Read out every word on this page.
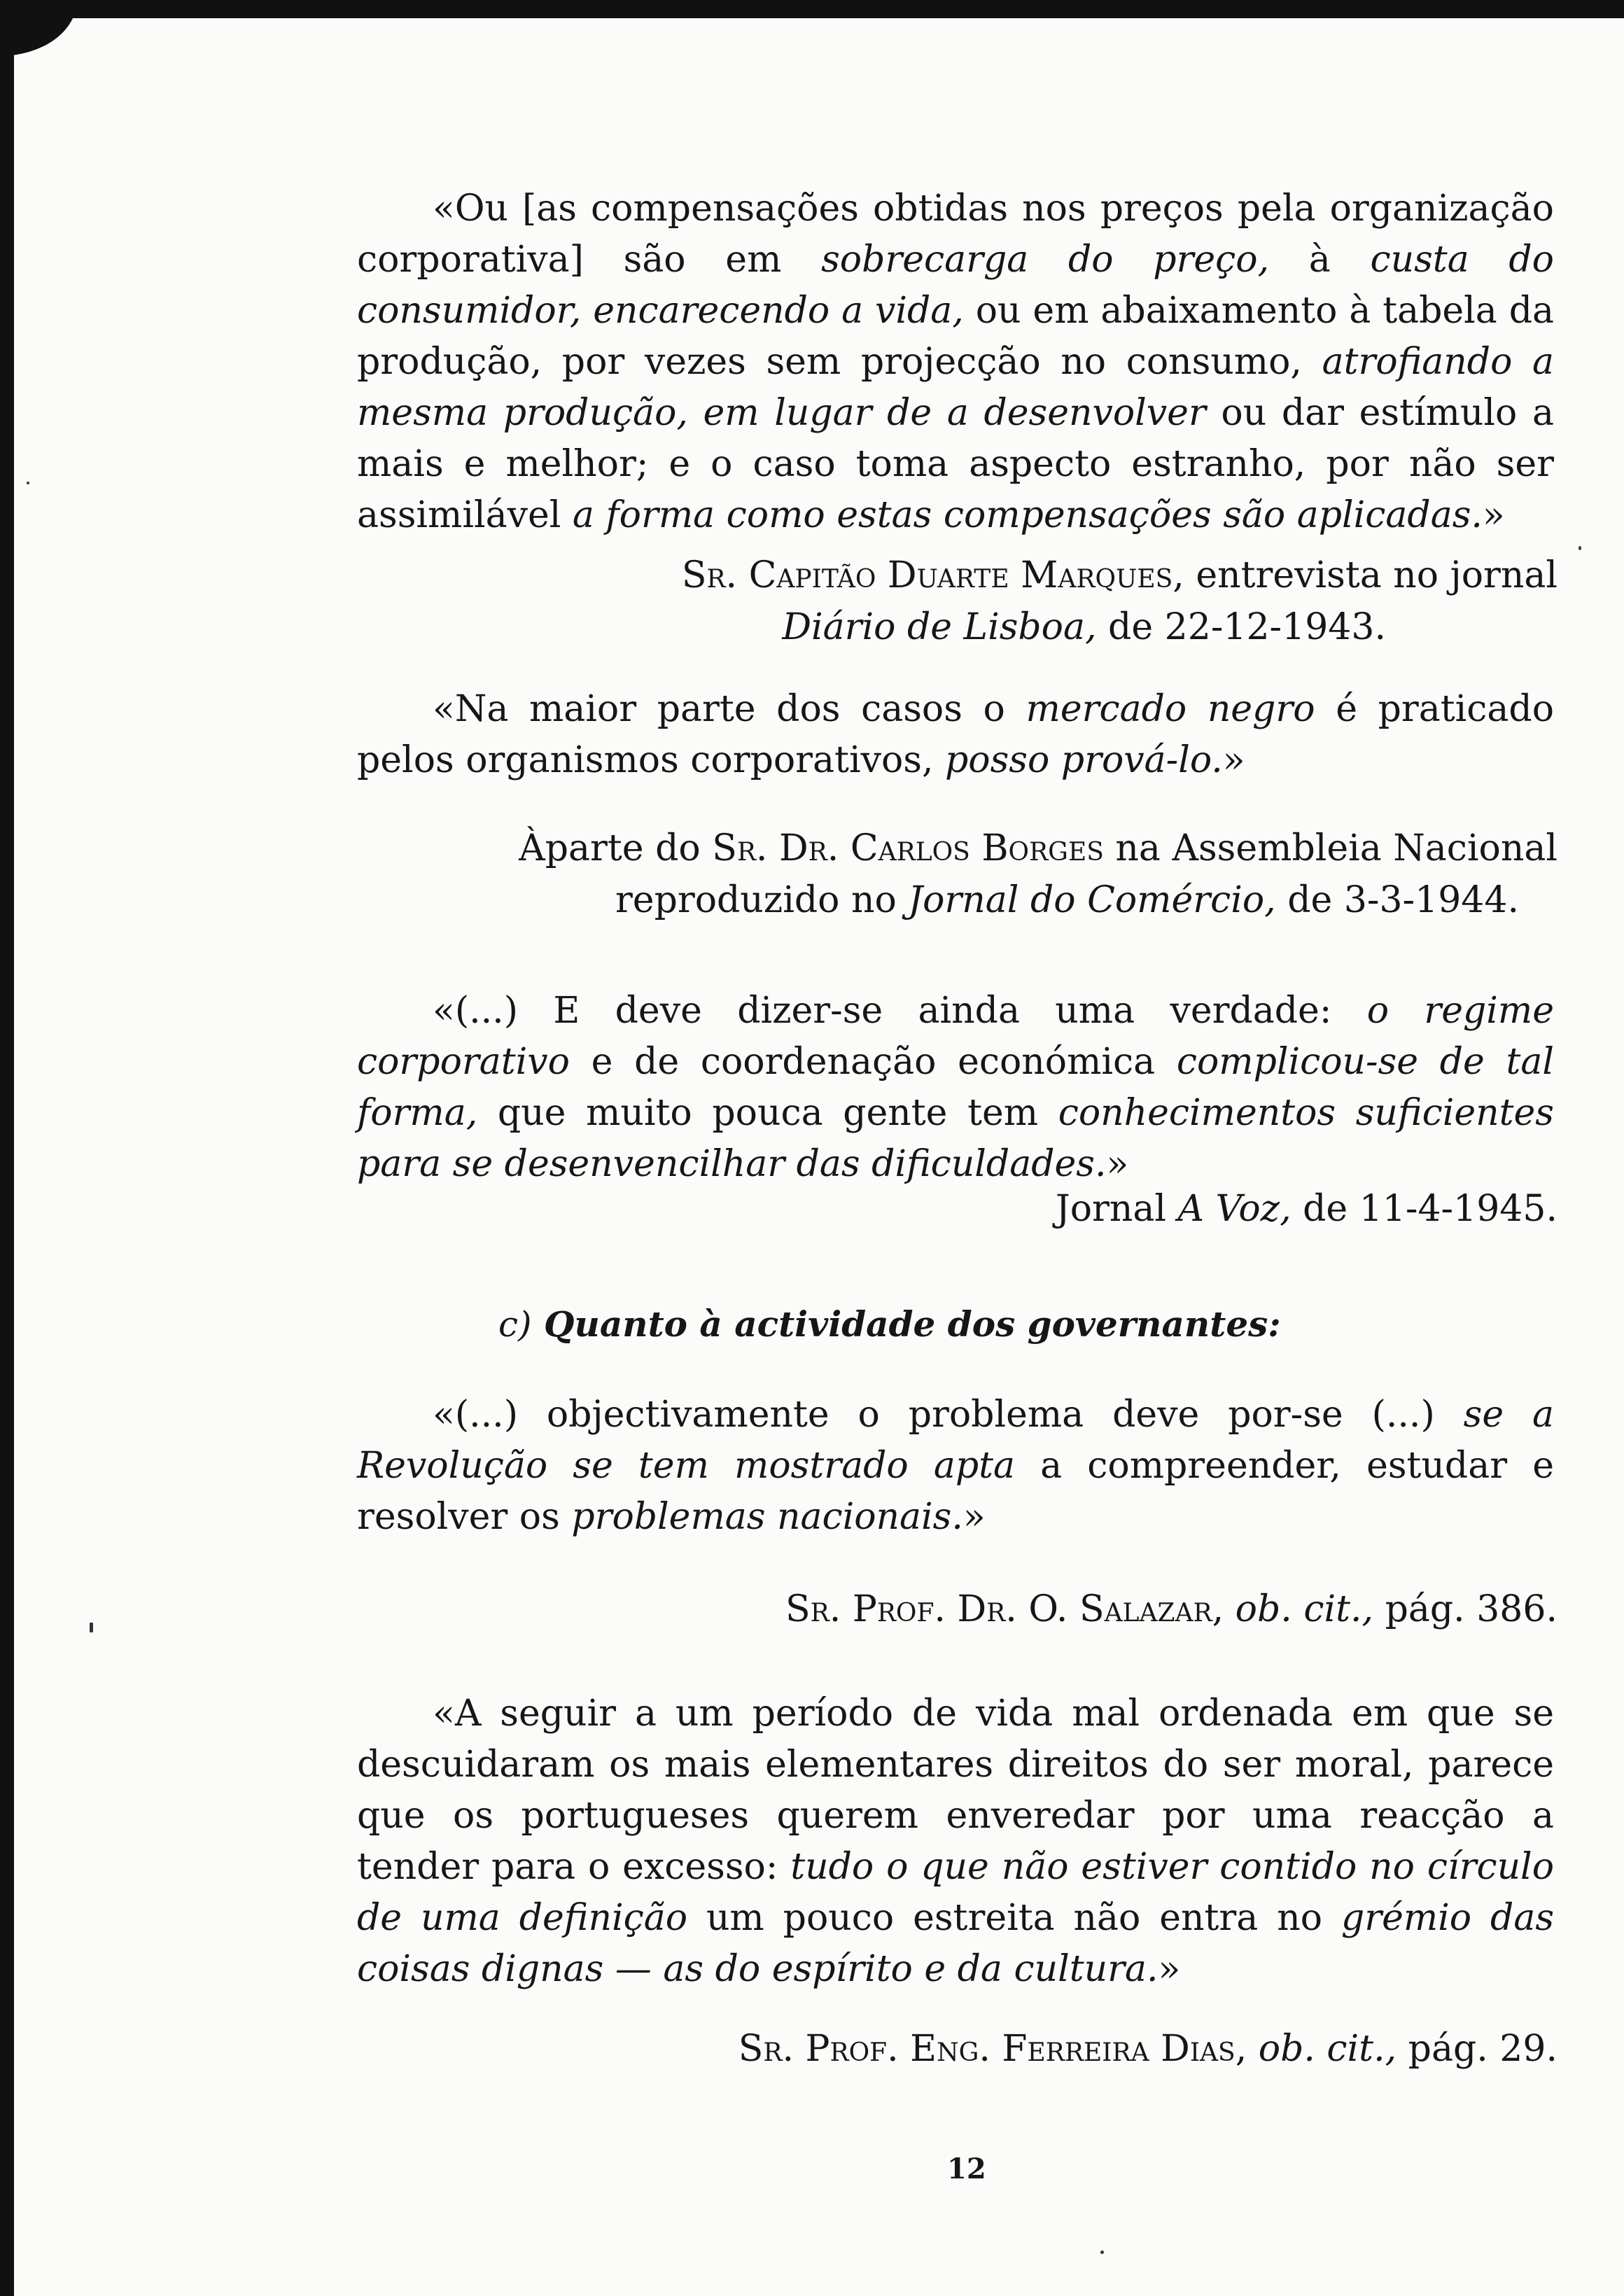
«Ou [as compensações obtidas nos preços pela organização corporativa] são em sobrecarga do preço, à custa do consumidor, encarecendo a vida, ou em abaixamento à tabela da produção, por vezes sem projecção no consumo, atrofiando a mesma produção, em lugar de a desenvolver ou dar estímulo a mais e melhor; e o caso toma aspecto estranho, por não ser assimilável a forma como estas compensações são aplicadas.»

Sr. Capitão Duarte Marques, entrevista no jornal
Diário de Lisboa, de 22-12-1943.

«Na maior parte dos casos o mercado negro é praticado pelos organismos corporativos, posso prová-lo.»

Àparte do Sr. Dr. Carlos Borges na Assembleia Nacional
reproduzido no Jornal do Comércio, de 3-3-1944.

«(...) E deve dizer-se ainda uma verdade: o regime corporativo e de coordenação económica complicou-se de tal forma, que muito pouca gente tem conhecimentos suficientes para se desenvencilhar das dificuldades.»

Jornal A Voz, de 11-4-1945.
c) Quanto à actividade dos governantes:

«(...) objectivamente o problema deve por-se (...) se a Revolução se tem mostrado apta a compreender, estudar e resolver os problemas nacionais.»

Sr. Prof. Dr. O. Salazar, ob. cit., pág. 386.

«A seguir a um período de vida mal ordenada em que se descuidaram os mais elementares direitos do ser moral, parece que os portugueses querem enveredar por uma reacção a tender para o excesso: tudo o que não estiver contido no círculo de uma definição um pouco estreita não entra no grémio das coisas dignas — as do espírito e da cultura.»

Sr. Prof. Eng. Ferreira Dias, ob. cit., pág. 29.
12
